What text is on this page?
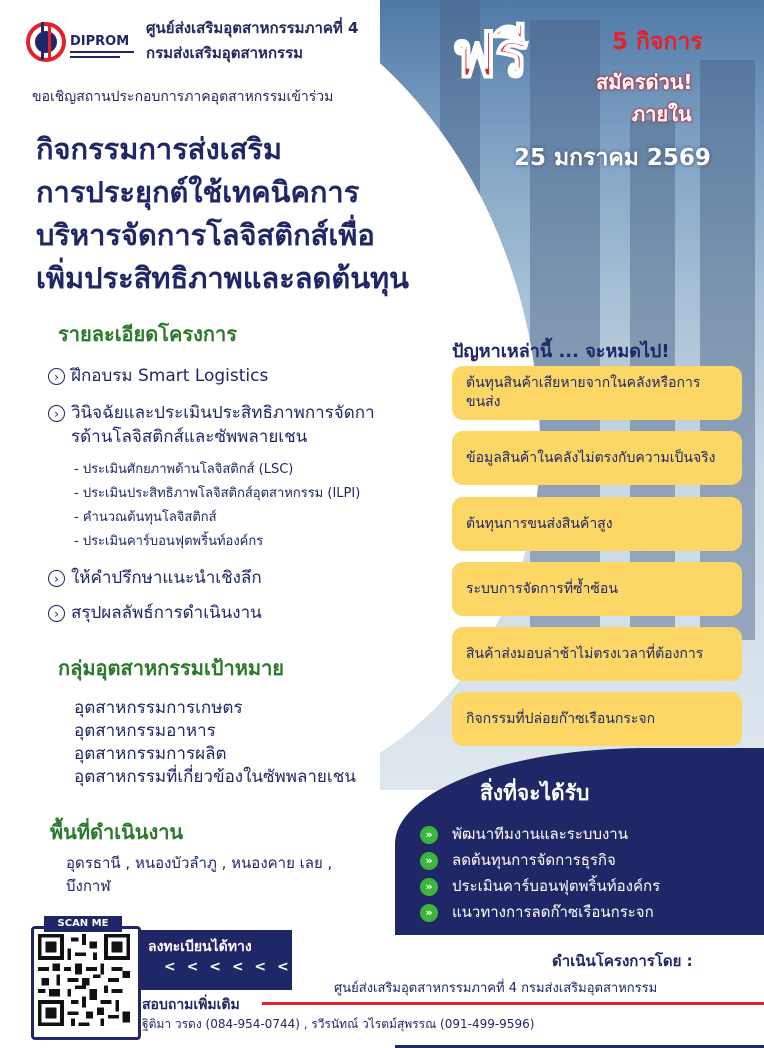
DIPROM
ศูนย์ส่งเสริมอุตสาหกรรมภาคที่ 4
กรมส่งเสริมอุตสาหกรรม
ขอเชิญสถานประกอบการภาคอุตสาหกรรมเข้าร่วม
กิจกรรมการส่งเสริม
การประยุกต์ใช้เทคนิคการ
บริหารจัดการโลจิสติกส์เพื่อ
เพิ่มประสิทธิภาพและลดต้นทุน
ฟรี	5 กิจการ
สมัครด่วน!
ภายใน
25 มกราคม 2569
รายละเอียดโครงการ
› ฝึกอบรม Smart Logistics
› วินิจฉัยและประเมินประสิทธิภาพการจัดการด้านโลจิสติกส์และซัพพลายเชน
- ประเมินศักยภาพด้านโลจิสติกส์ (LSC)
- ประเมินประสิทธิภาพโลจิสติกส์อุตสาหกรรม (ILPI)
- คำนวณต้นทุนโลจิสติกส์
- ประเมินคาร์บอนฟุตพริ้นท์องค์กร
› ให้คำปรึกษาแนะนำเชิงลึก
› สรุปผลลัพธ์การดำเนินงาน
กลุ่มอุตสาหกรรมเป้าหมาย
อุตสาหกรรมการเกษตร
อุตสาหกรรมอาหาร
อุตสาหกรรมการผลิต
อุตสาหกรรมที่เกี่ยวข้องในซัพพลายเชน
พื้นที่ดำเนินงาน
อุดรธานี , หนองบัวลำภู , หนองคาย เลย , บึงกาฬ
ปัญหาเหล่านี้ ... จะหมดไป!
ต้นทุนสินค้าเสียหายจากในคลังหรือการขนส่ง
ข้อมูลสินค้าในคลังไม่ตรงกับความเป็นจริง
ต้นทุนการขนส่งสินค้าสูง
ระบบการจัดการที่ซ้ำซ้อน
สินค้าส่งมอบล่าช้าไม่ตรงเวลาที่ต้องการ
กิจกรรมที่ปล่อยก๊าซเรือนกระจก
สิ่งที่จะได้รับ
» พัฒนาทีมงานและระบบงาน
» ลดต้นทุนการจัดการธุรกิจ
» ประเมินคาร์บอนฟุตพริ้นท์องค์กร
» แนวทางการลดก๊าซเรือนกระจก
SCAN ME
ลงทะเบียนได้ทาง
< < < < < <
สอบถามเพิ่มเติม
ฐิติมา วรดง (084-954-0744) , รวีรนัทณ์ วไรตม์สุพรรณ (091-499-9596)
ดำเนินโครงการโดย :
ศูนย์ส่งเสริมอุตสาหกรรมภาคที่ 4 กรมส่งเสริมอุตสาหกรรม
